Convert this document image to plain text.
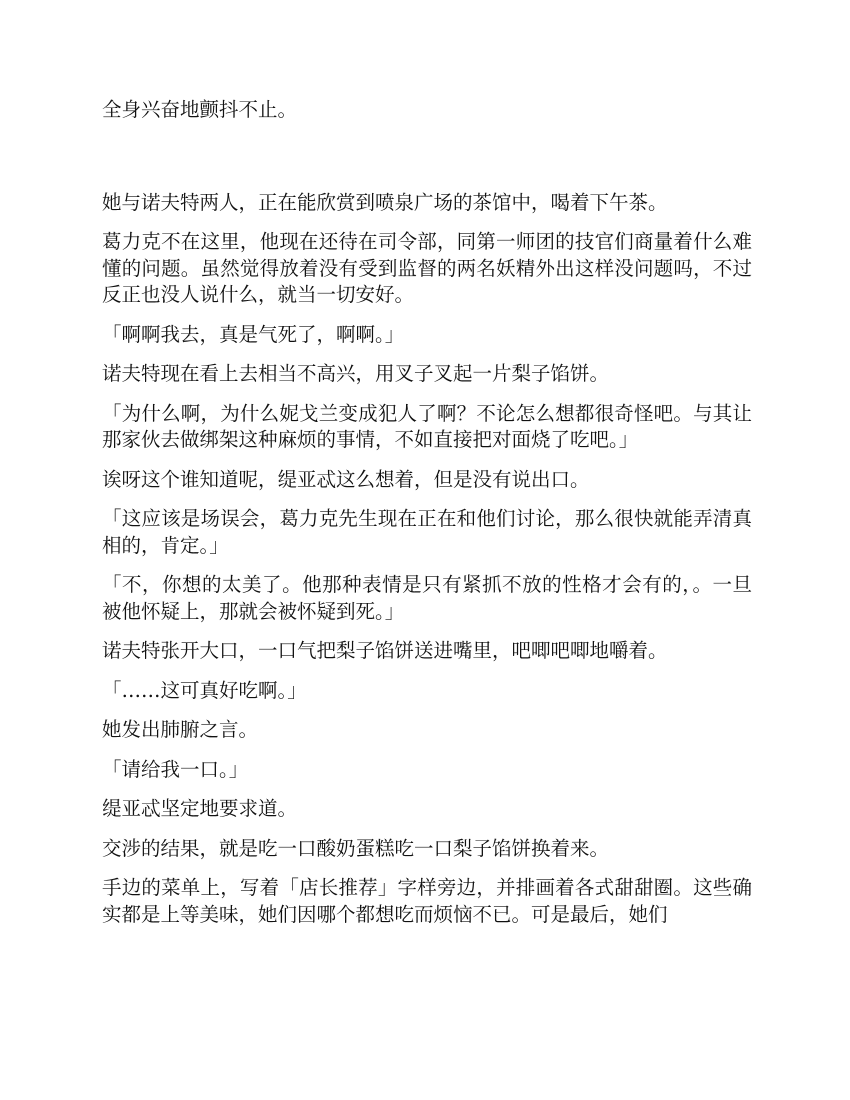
全身兴奋地颤抖不止。

她与诺夫特两人，正在能欣赏到喷泉广场的茶馆中，喝着下午茶。

葛力克不在这里，他现在还待在司令部，同第一师团的技官们商量着什么难懂的问题。虽然觉得放着没有受到监督的两名妖精外出这样没问题吗，不过反正也没人说什么，就当一切安好。

「啊啊我去，真是气死了，啊啊。」

诺夫特现在看上去相当不高兴，用叉子叉起一片梨子馅饼。

「为什么啊，为什么妮戈兰变成犯人了啊？不论怎么想都很奇怪吧。与其让那家伙去做绑架这种麻烦的事情，不如直接把对面烧了吃吧。」

诶呀这个谁知道呢，缇亚忒这么想着，但是没有说出口。

「这应该是场误会，葛力克先生现在正在和他们讨论，那么很快就能弄清真相的，肯定。」

「不，你想的太美了。他那种表情是只有紧抓不放的性格才会有的，。一旦被他怀疑上，那就会被怀疑到死。」

诺夫特张开大口，一口气把梨子馅饼送进嘴里，吧唧吧唧地嚼着。

「……这可真好吃啊。」

她发出肺腑之言。

「请给我一口。」

缇亚忒坚定地要求道。

交涉的结果，就是吃一口酸奶蛋糕吃一口梨子馅饼换着来。

手边的菜单上，写着「店长推荐」字样旁边，并排画着各式甜甜圈。这些确实都是上等美味，她们因哪个都想吃而烦恼不已。可是最后，她们
